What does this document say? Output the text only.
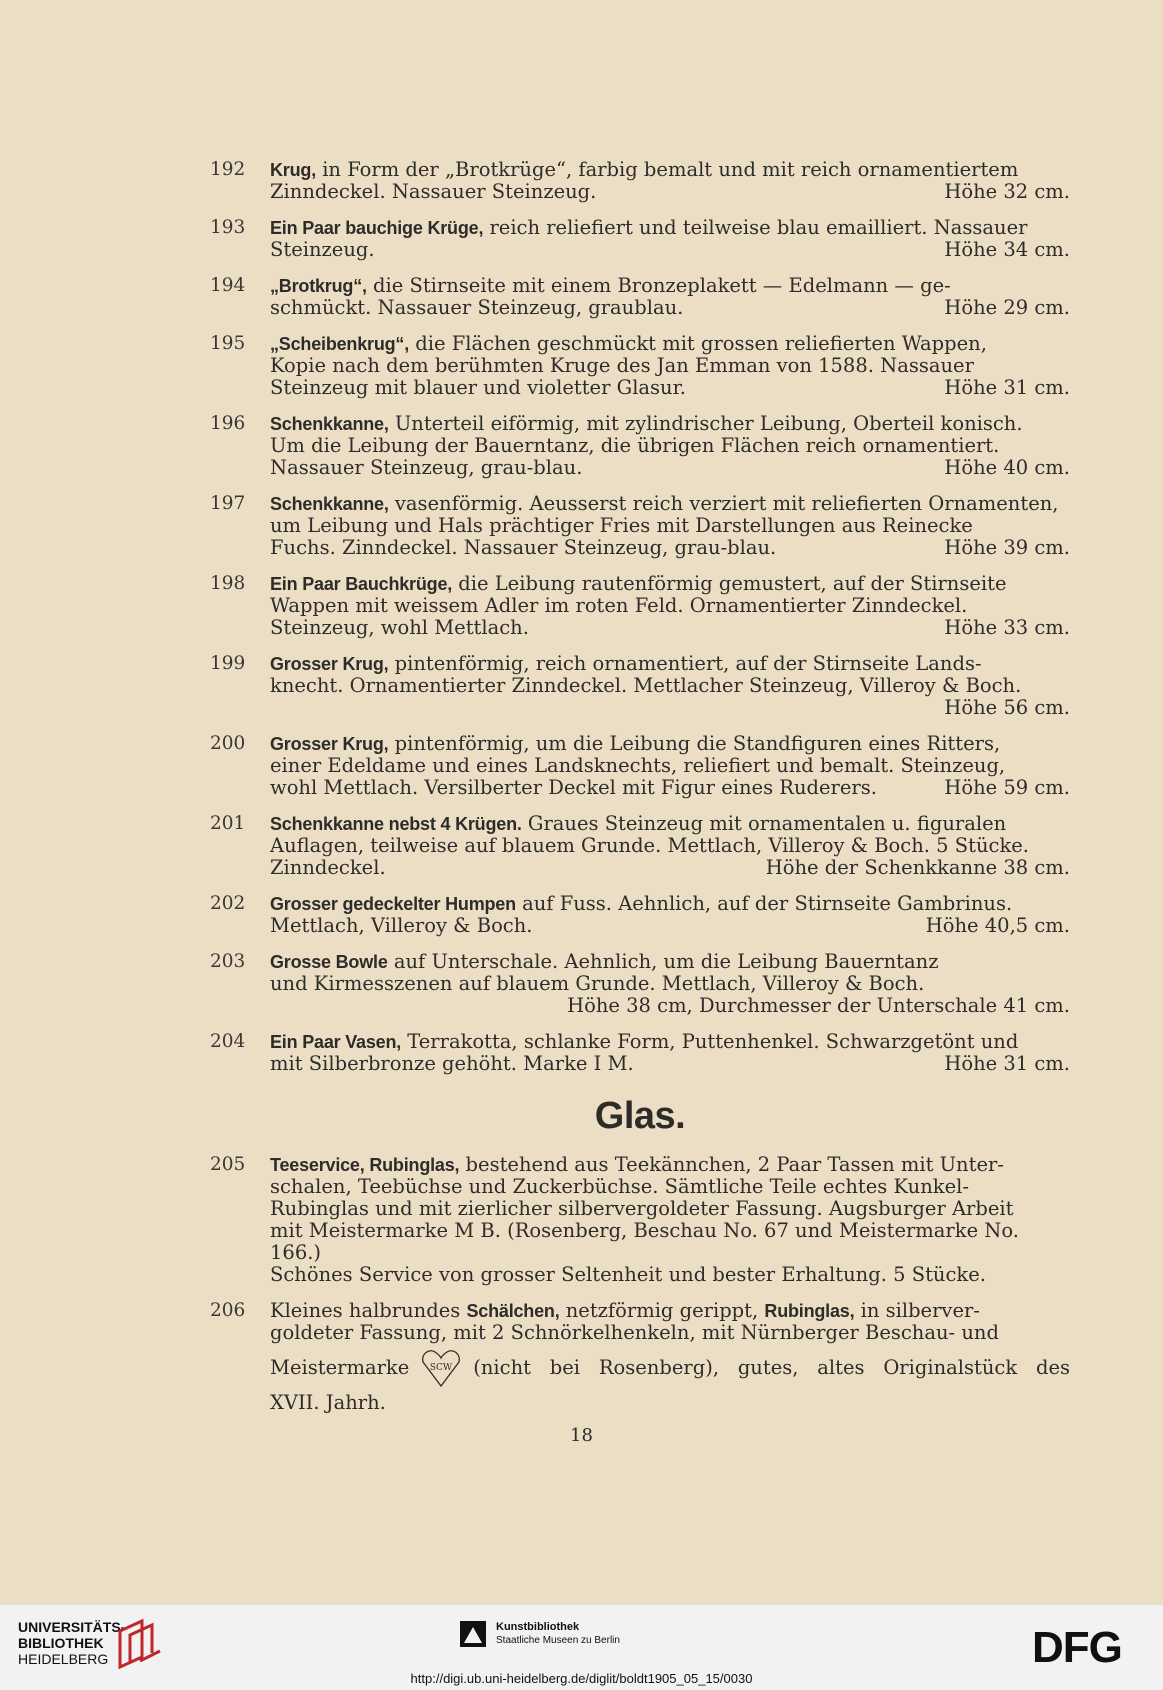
192	Krug, in Form der „Brotkrüge“, farbig bemalt und mit reich ornamentiertem
Zinndeckel. Nassauer Steinzeug.	Höhe 32 cm.
193	Ein Paar bauchige Krüge, reich reliefiert und teilweise blau emailliert. Nassauer
Steinzeug.	Höhe 34 cm.
194	„Brotkrug“, die Stirnseite mit einem Bronzeplakett — Edelmann — ge-
schmückt. Nassauer Steinzeug, graublau.	Höhe 29 cm.
195	„Scheibenkrug“, die Flächen geschmückt mit grossen reliefierten Wappen,
Kopie nach dem berühmten Kruge des Jan Emman von 1588. Nassauer
Steinzeug mit blauer und violetter Glasur.	Höhe 31 cm.
196	Schenkkanne, Unterteil eiförmig, mit zylindrischer Leibung, Oberteil konisch.
Um die Leibung der Bauerntanz, die übrigen Flächen reich ornamentiert.
Nassauer Steinzeug, grau-blau.	Höhe 40 cm.
197	Schenkkanne, vasenförmig. Aeusserst reich verziert mit reliefierten Ornamenten,
um Leibung und Hals prächtiger Fries mit Darstellungen aus Reinecke
Fuchs. Zinndeckel. Nassauer Steinzeug, grau-blau.	Höhe 39 cm.
198	Ein Paar Bauchkrüge, die Leibung rautenförmig gemustert, auf der Stirnseite
Wappen mit weissem Adler im roten Feld. Ornamentierter Zinndeckel.
Steinzeug, wohl Mettlach.	Höhe 33 cm.
199	Grosser Krug, pintenförmig, reich ornamentiert, auf der Stirnseite Lands-
knecht. Ornamentierter Zinndeckel. Mettlacher Steinzeug, Villeroy & Boch.
Höhe 56 cm.
200	Grosser Krug, pintenförmig, um die Leibung die Standfiguren eines Ritters,
einer Edeldame und eines Landsknechts, reliefiert und bemalt. Steinzeug,
wohl Mettlach. Versilberter Deckel mit Figur eines Ruderers.	Höhe 59 cm.
201	Schenkkanne nebst 4 Krügen. Graues Steinzeug mit ornamentalen u. figuralen
Auflagen, teilweise auf blauem Grunde. Mettlach, Villeroy & Boch. 5 Stücke.
Zinndeckel.	Höhe der Schenkkanne 38 cm.
202	Grosser gedeckelter Humpen auf Fuss. Aehnlich, auf der Stirnseite Gambrinus.
Mettlach, Villeroy & Boch.	Höhe 40,5 cm.
203	Grosse Bowle auf Unterschale. Aehnlich, um die Leibung Bauerntanz
und Kirmesszenen auf blauem Grunde. Mettlach, Villeroy & Boch.
Höhe 38 cm, Durchmesser der Unterschale 41 cm.
204	Ein Paar Vasen, Terrakotta, schlanke Form, Puttenhenkel. Schwarzgetönt und
mit Silberbronze gehöht. Marke I M.	Höhe 31 cm.
Glas.
205	Teeservice, Rubinglas, bestehend aus Teekännchen, 2 Paar Tassen mit Unter-
schalen, Teebüchse und Zuckerbüchse. Sämtliche Teile echtes Kunkel-
Rubinglas und mit zierlicher silbervergoldeter Fassung. Augsburger Arbeit
mit Meistermarke M B. (Rosenberg, Beschau No. 67 und Meistermarke No. 166.)
Schönes Service von grosser Seltenheit und bester Erhaltung. 5 Stücke.
206	Kleines halbrundes Schälchen, netzförmig gerippt, Rubinglas, in silberver-
goldeter Fassung, mit 2 Schnörkelhenkeln, mit Nürnberger Beschau- und
Meistermarke SCW (nicht bei Rosenberg), gutes, altes Originalstück des
XVII. Jahrh.
18
UNIVERSITÄTS-
BIBLIOTHEK
HEIDELBERG
Kunstbibliothek
Staatliche Museen zu Berlin	DFG
http://digi.ub.uni-heidelberg.de/diglit/boldt1905_05_15/0030
